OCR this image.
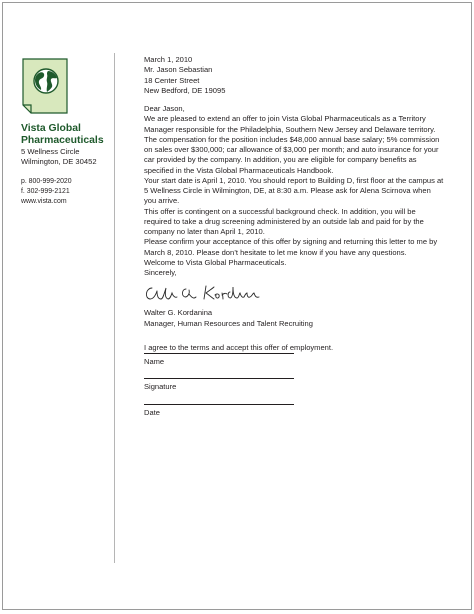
Vista Global Pharmaceuticals
5 Wellness Circle
Wilmington, DE 30452
p. 800-999-2020
f. 302-999-2121
www.vista.com

March 1, 2010

Mr. Jason Sebastian
18 Center Street
New Bedford, DE 19095

Dear Jason,

We are pleased to extend an offer to join Vista Global Pharmaceuticals as a Territory Manager responsible for the Philadelphia, Southern New Jersey and Delaware territory.

The compensation for the position includes $48,000 annual base salary; 5% commission on sales over $300,000; car allowance of $3,000 per month; and auto insurance for your car provided by the company. In addition, you are eligible for company benefits as specified in the Vista Global Pharmaceuticals Handbook.

Your start date is April 1, 2010. You should report to Building D, first floor at the campus at 5 Wellness Circle in Wilmington, DE, at 8:30 a.m. Please ask for Alena Scirnova when you arrive.

This offer is contingent on a successful background check. In addition, you will be required to take a drug screening administered by an outside lab and paid for by the company no later than April 1, 2010.

Please confirm your acceptance of this offer by signing and returning this letter to me by March 8, 2010. Please don’t hesitate to let me know if you have any questions.

Welcome to Vista Global Pharmaceuticals.

Sincerely,

Walter G. Kordanina
Manager, Human Resources and Talent Recruiting

I agree to the terms and accept this offer of employment.

Name
Signature
Date
